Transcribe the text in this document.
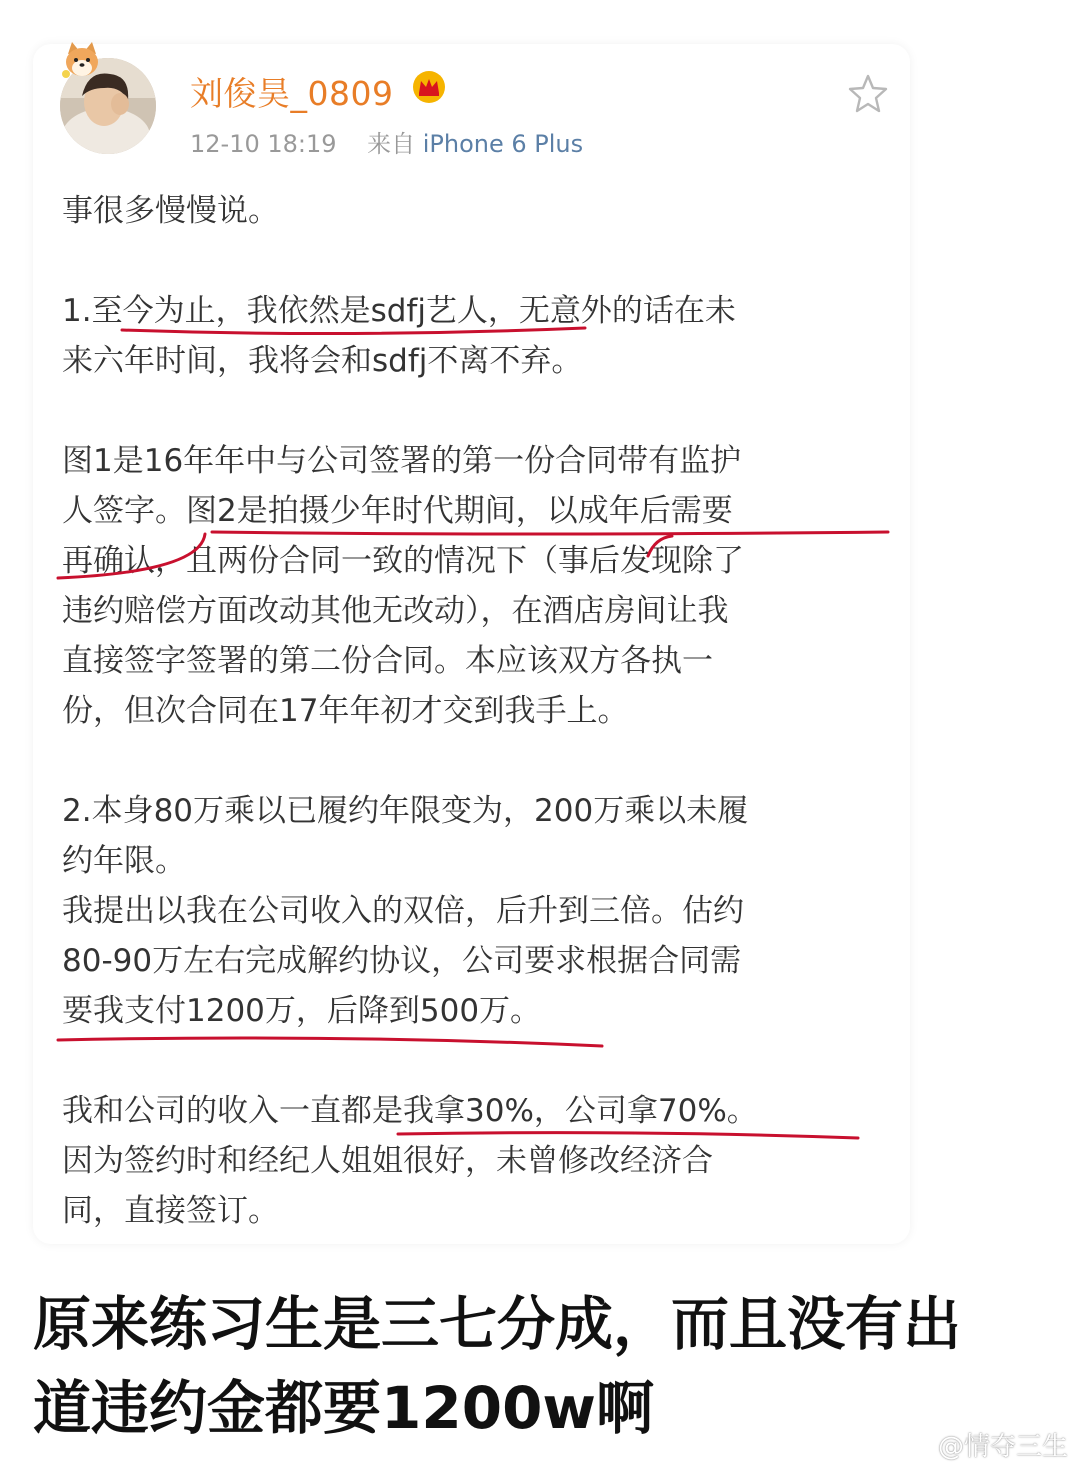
刘俊昊_0809
12-10 18:19 来自 iPhone 6 Plus
事很多慢慢说。
1.至今为止，我依然是sdfj艺人，无意外的话在未
来六年时间，我将会和sdfj不离不弃。
图1是16年年中与公司签署的第一份合同带有监护
人签字。图2是拍摄少年时代期间，以成年后需要
再确认，且两份合同一致的情况下（事后发现除了
违约赔偿方面改动其他无改动），在酒店房间让我
直接签字签署的第二份合同。本应该双方各执一
份，但次合同在17年年初才交到我手上。
2.本身80万乘以已履约年限变为，200万乘以未履
约年限。
我提出以我在公司收入的双倍，后升到三倍。估约
80-90万左右完成解约协议，公司要求根据合同需
要我支付1200万，后降到500万。
我和公司的收入一直都是我拿30%，公司拿70%。
因为签约时和经纪人姐姐很好，未曾修改经济合
同，直接签订。
原来练习生是三七分成，而且没有出
道违约金都要1200w啊
@情夺三生
